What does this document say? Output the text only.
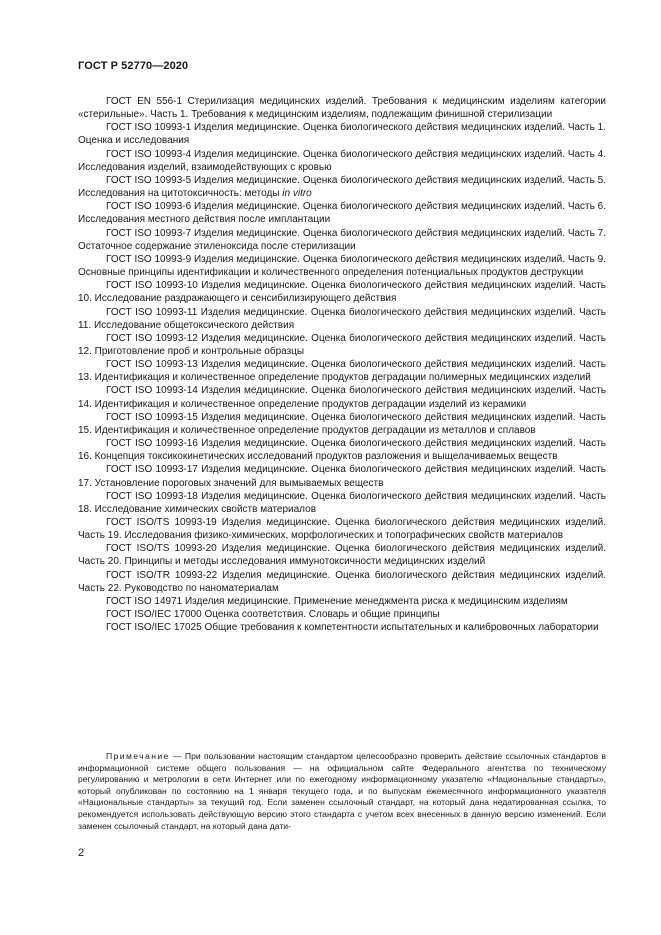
ГОСТ Р 52770—2020

ГОСТ EN 556-1 Стерилизация медицинских изделий. Требования к медицинским изделиям категории «стерильные». Часть 1. Требования к медицинским изделиям, подлежащим финишной стерилизации

ГОСТ ISO 10993-1 Изделия медицинские. Оценка биологического действия медицинских изделий. Часть 1. Оценка и исследования

ГОСТ ISO 10993-4 Изделия медицинские. Оценка биологического действия медицинских изделий. Часть 4. Исследования изделий, взаимодействующих с кровью

ГОСТ ISO 10993-5 Изделия медицинские. Оценка биологического действия медицинских изделий. Часть 5. Исследования на цитотоксичность: методы in vitro

ГОСТ ISO 10993-6 Изделия медицинские. Оценка биологического действия медицинских изделий. Часть 6. Исследования местного действия после имплантации

ГОСТ ISO 10993-7 Изделия медицинские. Оценка биологического действия медицинских изделий. Часть 7. Остаточное содержание этиленоксида после стерилизации

ГОСТ ISO 10993-9 Изделия медицинские. Оценка биологического действия медицинских изделий. Часть 9. Основные принципы идентификации и количественного определения потенциальных продуктов деструкции

ГОСТ ISO 10993-10 Изделия медицинские. Оценка биологического действия медицинских изделий. Часть 10. Исследование раздражающего и сенсибилизирующего действия

ГОСТ ISO 10993-11 Изделия медицинские. Оценка биологического действия медицинских изделий. Часть 11. Исследование общетоксического действия

ГОСТ ISO 10993-12 Изделия медицинские. Оценка биологического действия медицинских изделий. Часть 12. Приготовление проб и контрольные образцы

ГОСТ ISO 10993-13 Изделия медицинские. Оценка биологического действия медицинских изделий. Часть 13. Идентификация и количественное определение продуктов деградации полимерных медицинских изделий

ГОСТ ISO 10993-14 Изделия медицинские. Оценка биологического действия медицинских изделий. Часть 14. Идентификация и количественное определение продуктов деградации изделий из керамики

ГОСТ ISO 10993-15 Изделия медицинские. Оценка биологического действия медицинских изделий. Часть 15. Идентификация и количественное определение продуктов деградации из металлов и сплавов

ГОСТ ISO 10993-16 Изделия медицинские. Оценка биологического действия медицинских изделий. Часть 16. Концепция токсикокинетических исследований продуктов разложения и выщелачиваемых веществ

ГОСТ ISO 10993-17 Изделия медицинские. Оценка биологического действия медицинских изделий. Часть 17. Установление пороговых значений для вымываемых веществ

ГОСТ ISO 10993-18 Изделия медицинские. Оценка биологического действия медицинских изделий. Часть 18. Исследование химических свойств материалов

ГОСТ ISO/TS 10993-19 Изделия медицинские. Оценка биологического действия медицинских изделий. Часть 19. Исследования физико-химических, морфологических и топографических свойств материалов

ГОСТ ISO/TS 10993-20 Изделия медицинские. Оценка биологического действия медицинских изделий. Часть 20. Принципы и методы исследования иммунотоксичности медицинских изделий

ГОСТ ISO/TR 10993-22 Изделия медицинские. Оценка биологического действия медицинских изделий. Часть 22. Руководство по наноматериалам

ГОСТ ISO 14971 Изделия медицинские. Применение менеджмента риска к медицинским изделиям

ГОСТ ISO/IEC 17000 Оценка соответствия. Словарь и общие принципы

ГОСТ ISO/IEC 17025 Общие требования к компетентности испытательных и калибровочных лаборатории

Примечание — При пользовании настоящим стандартом целесообразно проверить действие ссылочных стандартов в информационной системе общего пользования — на официальном сайте Федерального агентства по техническому регулированию и метрологии в сети Интернет или по ежегодному информационному указателю «Национальные стандарты», который опубликован по состоянию на 1 января текущего года, и по выпускам ежемесячного информационного указателя «Национальные стандарты» за текущий год. Если заменен ссылочный стандарт, на который дана недатированная ссылка, то рекомендуется использовать действующую версию этого стандарта с учетом всех внесенных в данную версию изменений. Если заменен ссылочный стандарт, на который дана дати-

2
